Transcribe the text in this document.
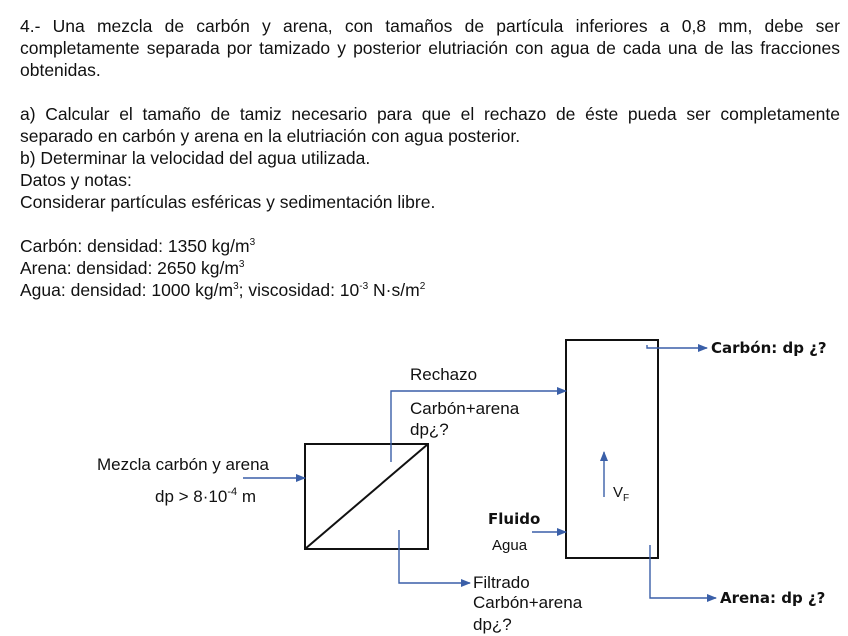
4.- Una mezcla de carbón y arena, con tamaños de partícula inferiores a 0,8 mm, debe ser completamente separada por tamizado y posterior elutriación con agua de cada una de las fracciones obtenidas.
a) Calcular el tamaño de tamiz necesario para que el rechazo de éste pueda ser completamente separado en carbón y arena en la elutriación con agua posterior.
b) Determinar la velocidad del agua utilizada.
Datos y notas:
Considerar partículas esféricas y sedimentación libre.
Carbón: densidad: 1350 $kg/m^3$
Arena: densidad: 2650 $kg/m^3$
Agua: densidad: 1000 $kg/m^3$; viscosidad: $10^{-3}$ $N\cdot s/m^2$
Mezcla carbón y arena
dp > $8\cdot 10^{-4}$ m
Rechazo
Carbón+arena
dp¿?
Fluido
Agua
$V_F$
Carbón: dp ¿?
Arena: dp ¿?
Filtrado
Carbón+arena
dp¿?
